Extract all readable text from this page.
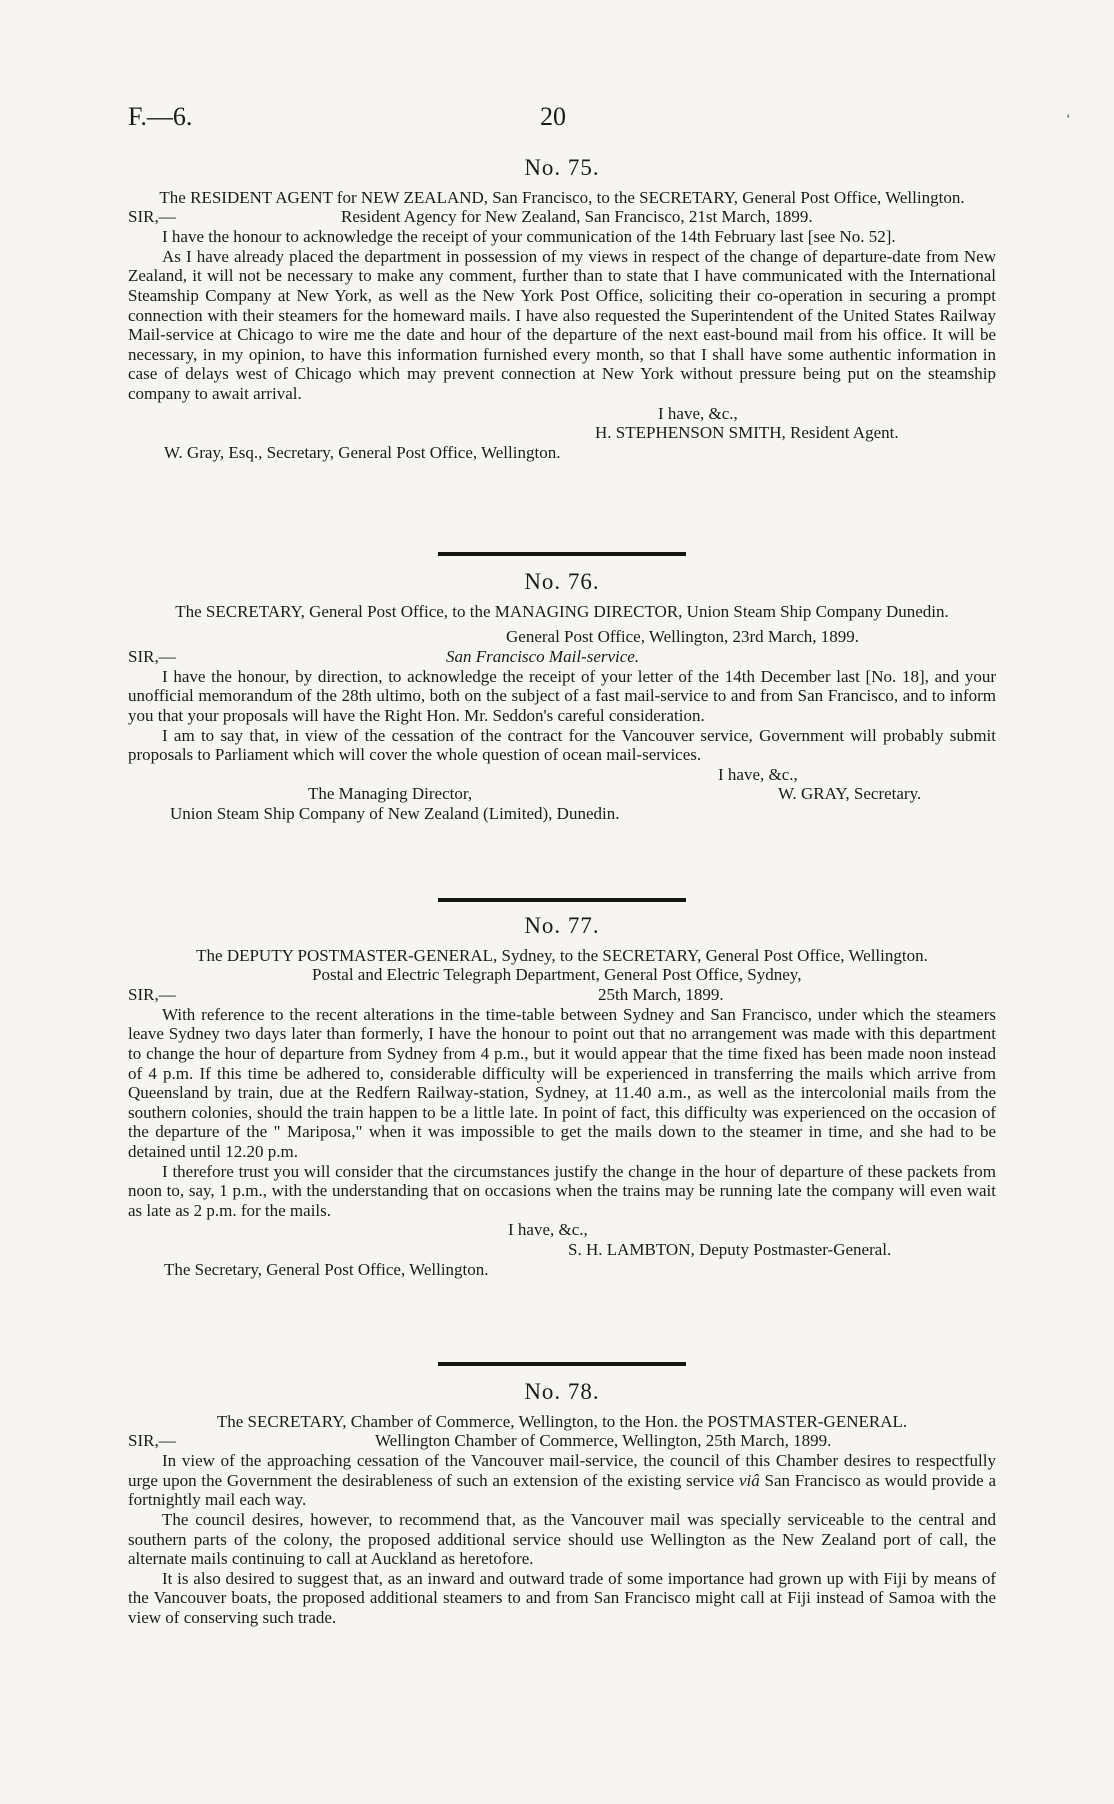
F.—6.	20	‘
No. 75.
The RESIDENT AGENT for NEW ZEALAND, San Francisco, to the SECRETARY, General Post Office, Wellington.
SIR,—	Resident Agency for New Zealand, San Francisco, 21st March, 1899.

I have the honour to acknowledge the receipt of your communication of the 14th February last [see No. 52].

As I have already placed the department in possession of my views in respect of the change of departure-date from New Zealand, it will not be necessary to make any comment, further than to state that I have communicated with the International Steamship Company at New York, as well as the New York Post Office, soliciting their co-operation in securing a prompt connection with their steamers for the homeward mails. I have also requested the Superintendent of the United States Railway Mail-service at Chicago to wire me the date and hour of the departure of the next east-bound mail from his office. It will be necessary, in my opinion, to have this information furnished every month, so that I shall have some authentic information in case of delays west of Chicago which may prevent connection at New York without pressure being put on the steamship company to await arrival.

I have, &c.,
H. STEPHENSON SMITH, Resident Agent.
W. Gray, Esq., Secretary, General Post Office, Wellington.
No. 76.
The SECRETARY, General Post Office, to the MANAGING DIRECTOR, Union Steam Ship Company Dunedin.
General Post Office, Wellington, 23rd March, 1899.
SIR,—	San Francisco Mail-service.

I have the honour, by direction, to acknowledge the receipt of your letter of the 14th December last [No. 18], and your unofficial memorandum of the 28th ultimo, both on the subject of a fast mail-service to and from San Francisco, and to inform you that your proposals will have the Right Hon. Mr. Seddon's careful consideration.

I am to say that, in view of the cessation of the contract for the Vancouver service, Government will probably submit proposals to Parliament which will cover the whole question of ocean mail-services.

I have, &c.,
The Managing Director,	W. GRAY, Secretary.
Union Steam Ship Company of New Zealand (Limited), Dunedin.
No. 77.
The DEPUTY POSTMASTER-GENERAL, Sydney, to the SECRETARY, General Post Office, Wellington.
Postal and Electric Telegraph Department, General Post Office, Sydney,
SIR,—	25th March, 1899.

With reference to the recent alterations in the time-table between Sydney and San Francisco, under which the steamers leave Sydney two days later than formerly, I have the honour to point out that no arrangement was made with this department to change the hour of departure from Sydney from 4 p.m., but it would appear that the time fixed has been made noon instead of 4 p.m. If this time be adhered to, considerable difficulty will be experienced in transferring the mails which arrive from Queensland by train, due at the Redfern Railway-station, Sydney, at 11.40 a.m., as well as the intercolonial mails from the southern colonies, should the train happen to be a little late. In point of fact, this difficulty was experienced on the occasion of the departure of the " Mariposa," when it was impossible to get the mails down to the steamer in time, and she had to be detained until 12.20 p.m.

I therefore trust you will consider that the circumstances justify the change in the hour of departure of these packets from noon to, say, 1 p.m., with the understanding that on occasions when the trains may be running late the company will even wait as late as 2 p.m. for the mails.

I have, &c.,
S. H. LAMBTON, Deputy Postmaster-General.
The Secretary, General Post Office, Wellington.
No. 78.
The SECRETARY, Chamber of Commerce, Wellington, to the Hon. the POSTMASTER-GENERAL.
SIR,—	Wellington Chamber of Commerce, Wellington, 25th March, 1899.

In view of the approaching cessation of the Vancouver mail-service, the council of this Chamber desires to respectfully urge upon the Government the desirableness of such an extension of the existing service viâ San Francisco as would provide a fortnightly mail each way.

The council desires, however, to recommend that, as the Vancouver mail was specially serviceable to the central and southern parts of the colony, the proposed additional service should use Wellington as the New Zealand port of call, the alternate mails continuing to call at Auckland as heretofore.

It is also desired to suggest that, as an inward and outward trade of some importance had grown up with Fiji by means of the Vancouver boats, the proposed additional steamers to and from San Francisco might call at Fiji instead of Samoa with the view of conserving such trade.
